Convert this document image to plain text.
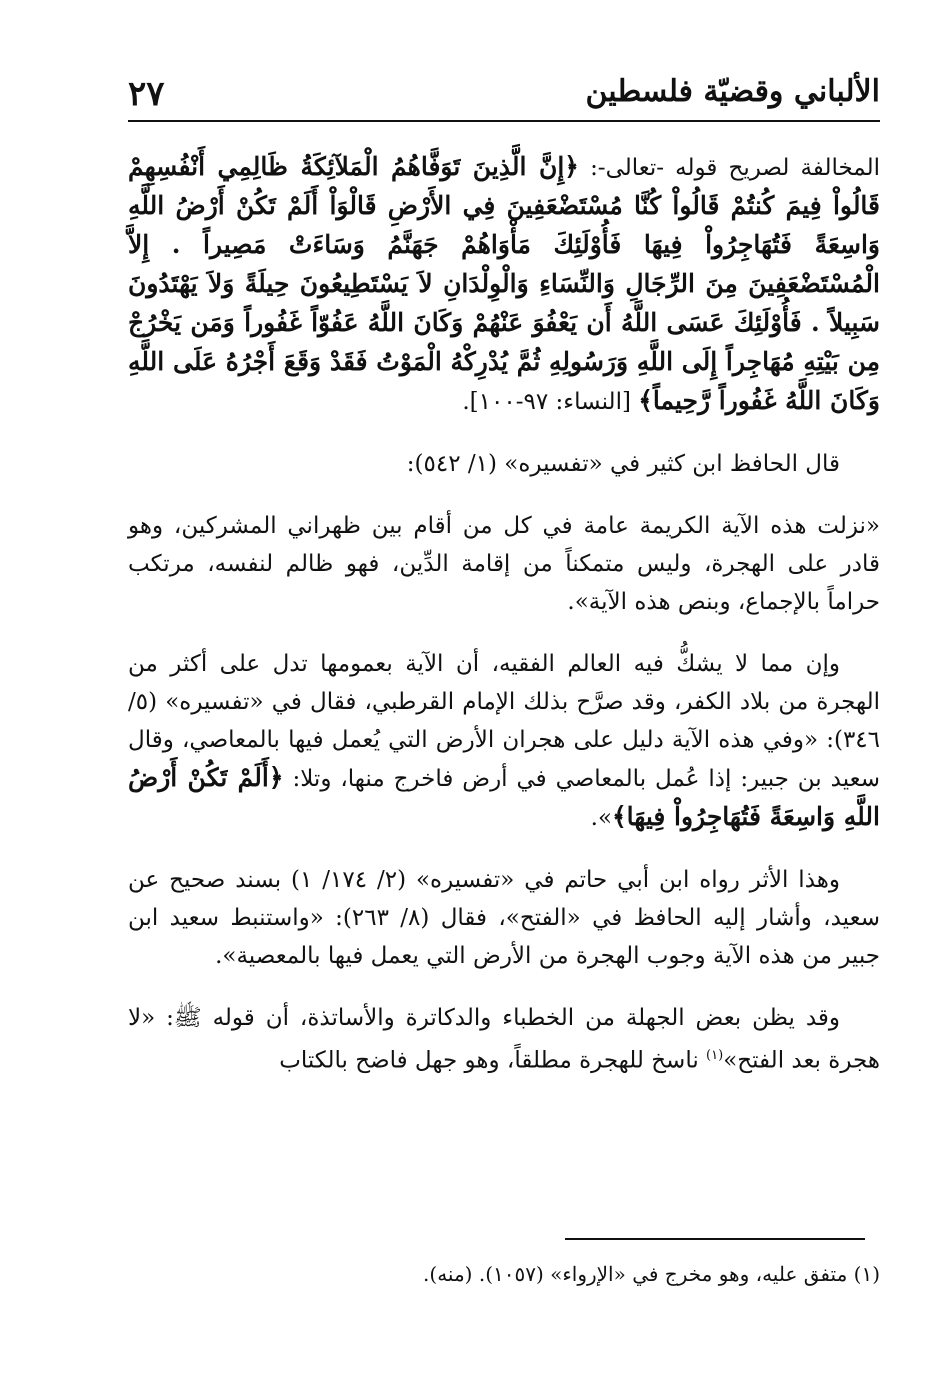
٢٧	الألباني وقضيّة فلسطين

المخالفة لصريح قوله -تعالى-: ﴿إِنَّ الَّذِينَ تَوَفَّاهُمُ الْمَلآئِكَةُ ظَالِمِي أَنْفُسِهِمْ قَالُواْ فِيمَ كُنتُمْ قَالُواْ كُنَّا مُسْتَضْعَفِينَ فِي الأَرْضِ قَالْوَاْ أَلَمْ تَكُنْ أَرْضُ اللَّهِ وَاسِعَةً فَتُهَاجِرُواْ فِيهَا فَأُوْلَئِكَ مَأْوَاهُمْ جَهَنَّمُ وَسَاءَتْ مَصِيراً . إِلاَّ الْمُسْتَضْعَفِينَ مِنَ الرِّجَالِ وَالنِّسَاءِ وَالْوِلْدَانِ لاَ يَسْتَطِيعُونَ حِيلَةً وَلاَ يَهْتَدُونَ سَبِيلاً . فَأُوْلَئِكَ عَسَى اللَّهُ أَن يَعْفُوَ عَنْهُمْ وَكَانَ اللَّهُ عَفُوّاً غَفُوراً وَمَن يَخْرُجْ مِن بَيْتِهِ مُهَاجِراً إِلَى اللَّهِ وَرَسُولِهِ ثُمَّ يُدْرِكْهُ الْمَوْتُ فَقَدْ وَقَعَ أَجْرُهُ عَلَى اللَّهِ وَكَانَ اللَّهُ غَفُوراً رَّحِيماً﴾ [النساء: ٩٧-١٠٠].

قال الحافظ ابن كثير في «تفسيره» (١/ ٥٤٢):

«نزلت هذه الآية الكريمة عامة في كل من أقام بين ظهراني المشركين، وهو قادر على الهجرة، وليس متمكناً من إقامة الدِّين، فهو ظالم لنفسه، مرتكب حراماً بالإجماع، وبنص هذه الآية».

وإن مما لا يشكُّ فيه العالم الفقيه، أن الآية بعمومها تدل على أكثر من الهجرة من بلاد الكفر، وقد صرَّح بذلك الإمام القرطبي، فقال في «تفسيره» (٥/ ٣٤٦): «وفي هذه الآية دليل على هجران الأرض التي يُعمل فيها بالمعاصي، وقال سعيد بن جبير: إذا عُمل بالمعاصي في أرض فاخرج منها، وتلا: ﴿أَلَمْ تَكُنْ أَرْضُ اللَّهِ وَاسِعَةً فَتُهَاجِرُواْ فِيهَا﴾».

وهذا الأثر رواه ابن أبي حاتم في «تفسيره» (٢/ ١٧٤/ ١) بسند صحيح عن سعيد، وأشار إليه الحافظ في «الفتح»، فقال (٨/ ٢٦٣): «واستنبط سعيد ابن جبير من هذه الآية وجوب الهجرة من الأرض التي يعمل فيها بالمعصية».

وقد يظن بعض الجهلة من الخطباء والدكاترة والأساتذة، أن قوله ﷺ: «لا هجرة بعد الفتح»$^{(١)}$ ناسخ للهجرة مطلقاً، وهو جهل فاضح بالكتاب

(١) متفق عليه، وهو مخرج في «الإرواء» (١٠٥٧). (منه).
